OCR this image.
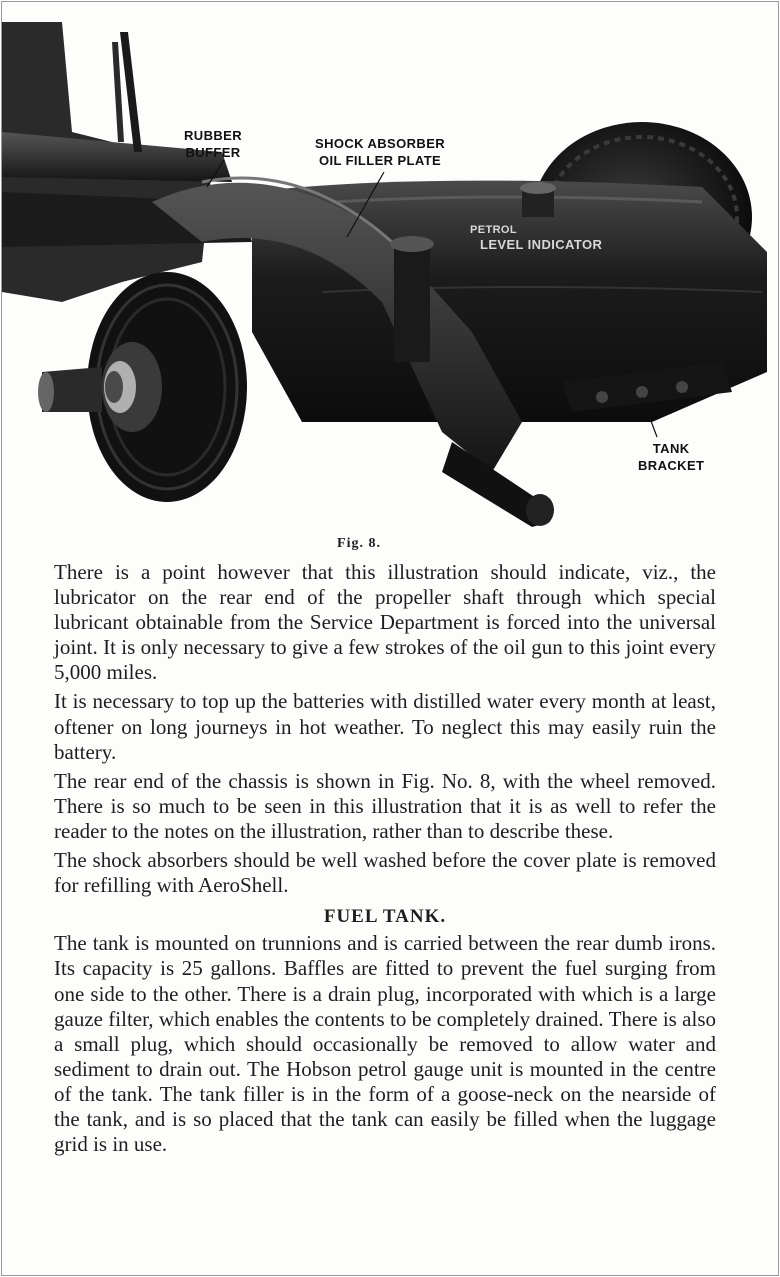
RUBBER
BUFFER
SHOCK ABSORBER
OIL FILLER PLATE
PETROL
LEVEL INDICATOR
TANK
BRACKET
Fig. 8.

There is a point however that this illustration should indicate, viz., the lubricator on the rear end of the propeller shaft through which special lubricant obtainable from the Service Department is forced into the universal joint. It is only necessary to give a few strokes of the oil gun to this joint every 5,000 miles.

It is necessary to top up the batteries with distilled water every month at least, oftener on long journeys in hot weather. To neglect this may easily ruin the battery.

The rear end of the chassis is shown in Fig. No. 8, with the wheel removed. There is so much to be seen in this illustration that it is as well to refer the reader to the notes on the illustration, rather than to describe these.

The shock absorbers should be well washed before the cover plate is removed for refilling with AeroShell.

FUEL TANK.

The tank is mounted on trunnions and is carried between the rear dumb irons. Its capacity is 25 gallons. Baffles are fitted to prevent the fuel surging from one side to the other. There is a drain plug, incorporated with which is a large gauze filter, which enables the contents to be completely drained. There is also a small plug, which should occasionally be removed to allow water and sediment to drain out. The Hobson petrol gauge unit is mounted in the centre of the tank. The tank filler is in the form of a goose-neck on the nearside of the tank, and is so placed that the tank can easily be filled when the luggage grid is in use.
